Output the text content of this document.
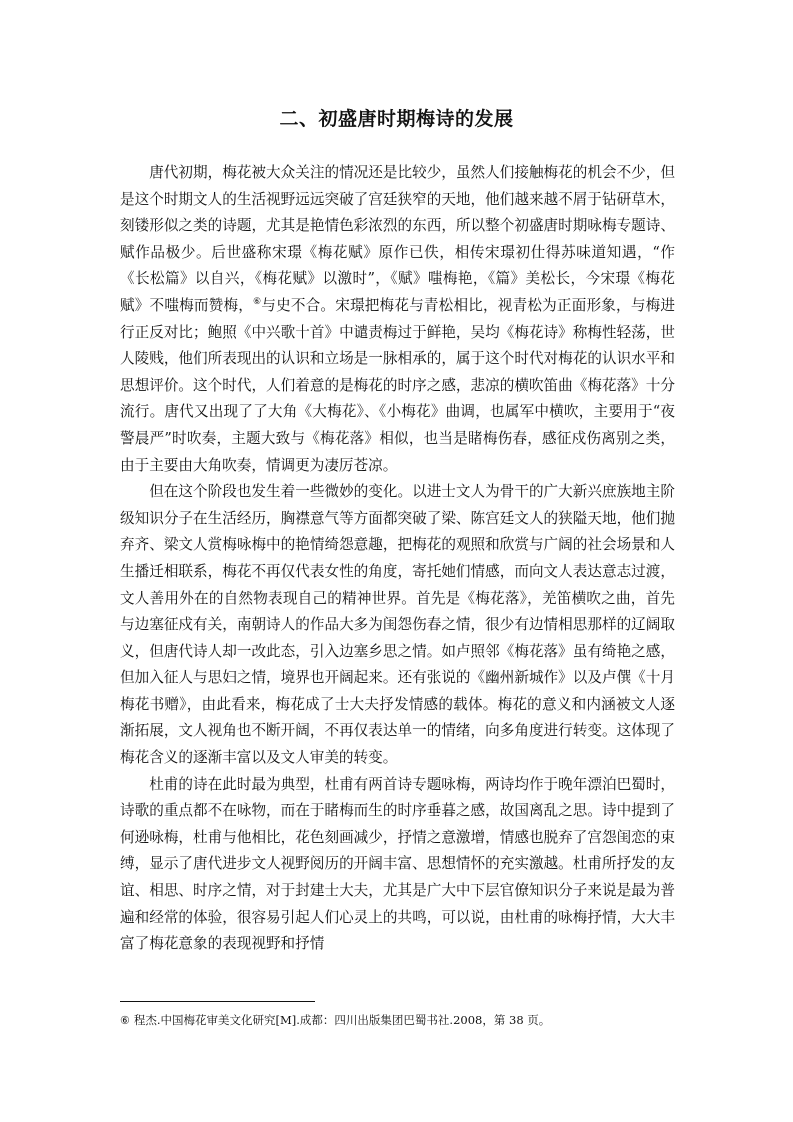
二、初盛唐时期梅诗的发展

唐代初期，梅花被大众关注的情况还是比较少，虽然人们接触梅花的机会不少，但是这个时期文人的生活视野远远突破了宫廷狭窄的天地，他们越来越不屑于钻研草木，刻镂形似之类的诗题，尤其是艳情色彩浓烈的东西，所以整个初盛唐时期咏梅专题诗、赋作品极少。后世盛称宋璟《梅花赋》原作已佚，相传宋璟初仕得苏味道知遇，“作《长松篇》以自兴，《梅花赋》以激时”，《赋》嗤梅艳，《篇》美松长，今宋璟《梅花赋》不嗤梅而赞梅，⑥与史不合。宋璟把梅花与青松相比，视青松为正面形象，与梅进行正反对比；鲍照《中兴歌十首》中谴责梅过于鲜艳，吴均《梅花诗》称梅性轻荡，世人陵贱，他们所表现出的认识和立场是一脉相承的，属于这个时代对梅花的认识水平和思想评价。这个时代，人们着意的是梅花的时序之感，悲凉的横吹笛曲《梅花落》十分流行。唐代又出现了了大角《大梅花》、《小梅花》曲调，也属军中横吹，主要用于“夜警晨严”时吹奏，主题大致与《梅花落》相似，也当是睹梅伤春，感征戍伤离别之类，由于主要由大角吹奏，情调更为凄厉苍凉。

但在这个阶段也发生着一些微妙的变化。以进士文人为骨干的广大新兴庶族地主阶级知识分子在生活经历，胸襟意气等方面都突破了梁、陈宫廷文人的狭隘天地，他们抛弃齐、梁文人赏梅咏梅中的艳情绮怨意趣，把梅花的观照和欣赏与广阔的社会场景和人生播迁相联系，梅花不再仅代表女性的角度，寄托她们情感，而向文人表达意志过渡，文人善用外在的自然物表现自己的精神世界。首先是《梅花落》，羌笛横吹之曲，首先与边塞征戍有关，南朝诗人的作品大多为闺怨伤春之情，很少有边情相思那样的辽阔取义，但唐代诗人却一改此态，引入边塞乡思之情。如卢照邻《梅花落》虽有绮艳之感，但加入征人与思妇之情，境界也开阔起来。还有张说的《幽州新城作》以及卢僎《十月梅花书赠》，由此看来，梅花成了士大夫抒发情感的载体。梅花的意义和内涵被文人逐渐拓展，文人视角也不断开阔，不再仅表达单一的情绪，向多角度进行转变。这体现了梅花含义的逐渐丰富以及文人审美的转变。

杜甫的诗在此时最为典型，杜甫有两首诗专题咏梅，两诗均作于晚年漂泊巴蜀时，诗歌的重点都不在咏物，而在于睹梅而生的时序垂暮之感，故国离乱之思。诗中提到了何逊咏梅，杜甫与他相比，花色刻画减少，抒情之意激增，情感也脱弃了宫怨闺恋的束缚，显示了唐代进步文人视野阅历的开阔丰富、思想情怀的充实激越。杜甫所抒发的友谊、相思、时序之情，对于封建士大夫，尤其是广大中下层官僚知识分子来说是最为普遍和经常的体验，很容易引起人们心灵上的共鸣，可以说，由杜甫的咏梅抒情，大大丰富了梅花意象的表现视野和抒情

⑥ 程杰.中国梅花审美文化研究[M].成都：四川出版集团巴蜀书社.2008，第 38 页。
